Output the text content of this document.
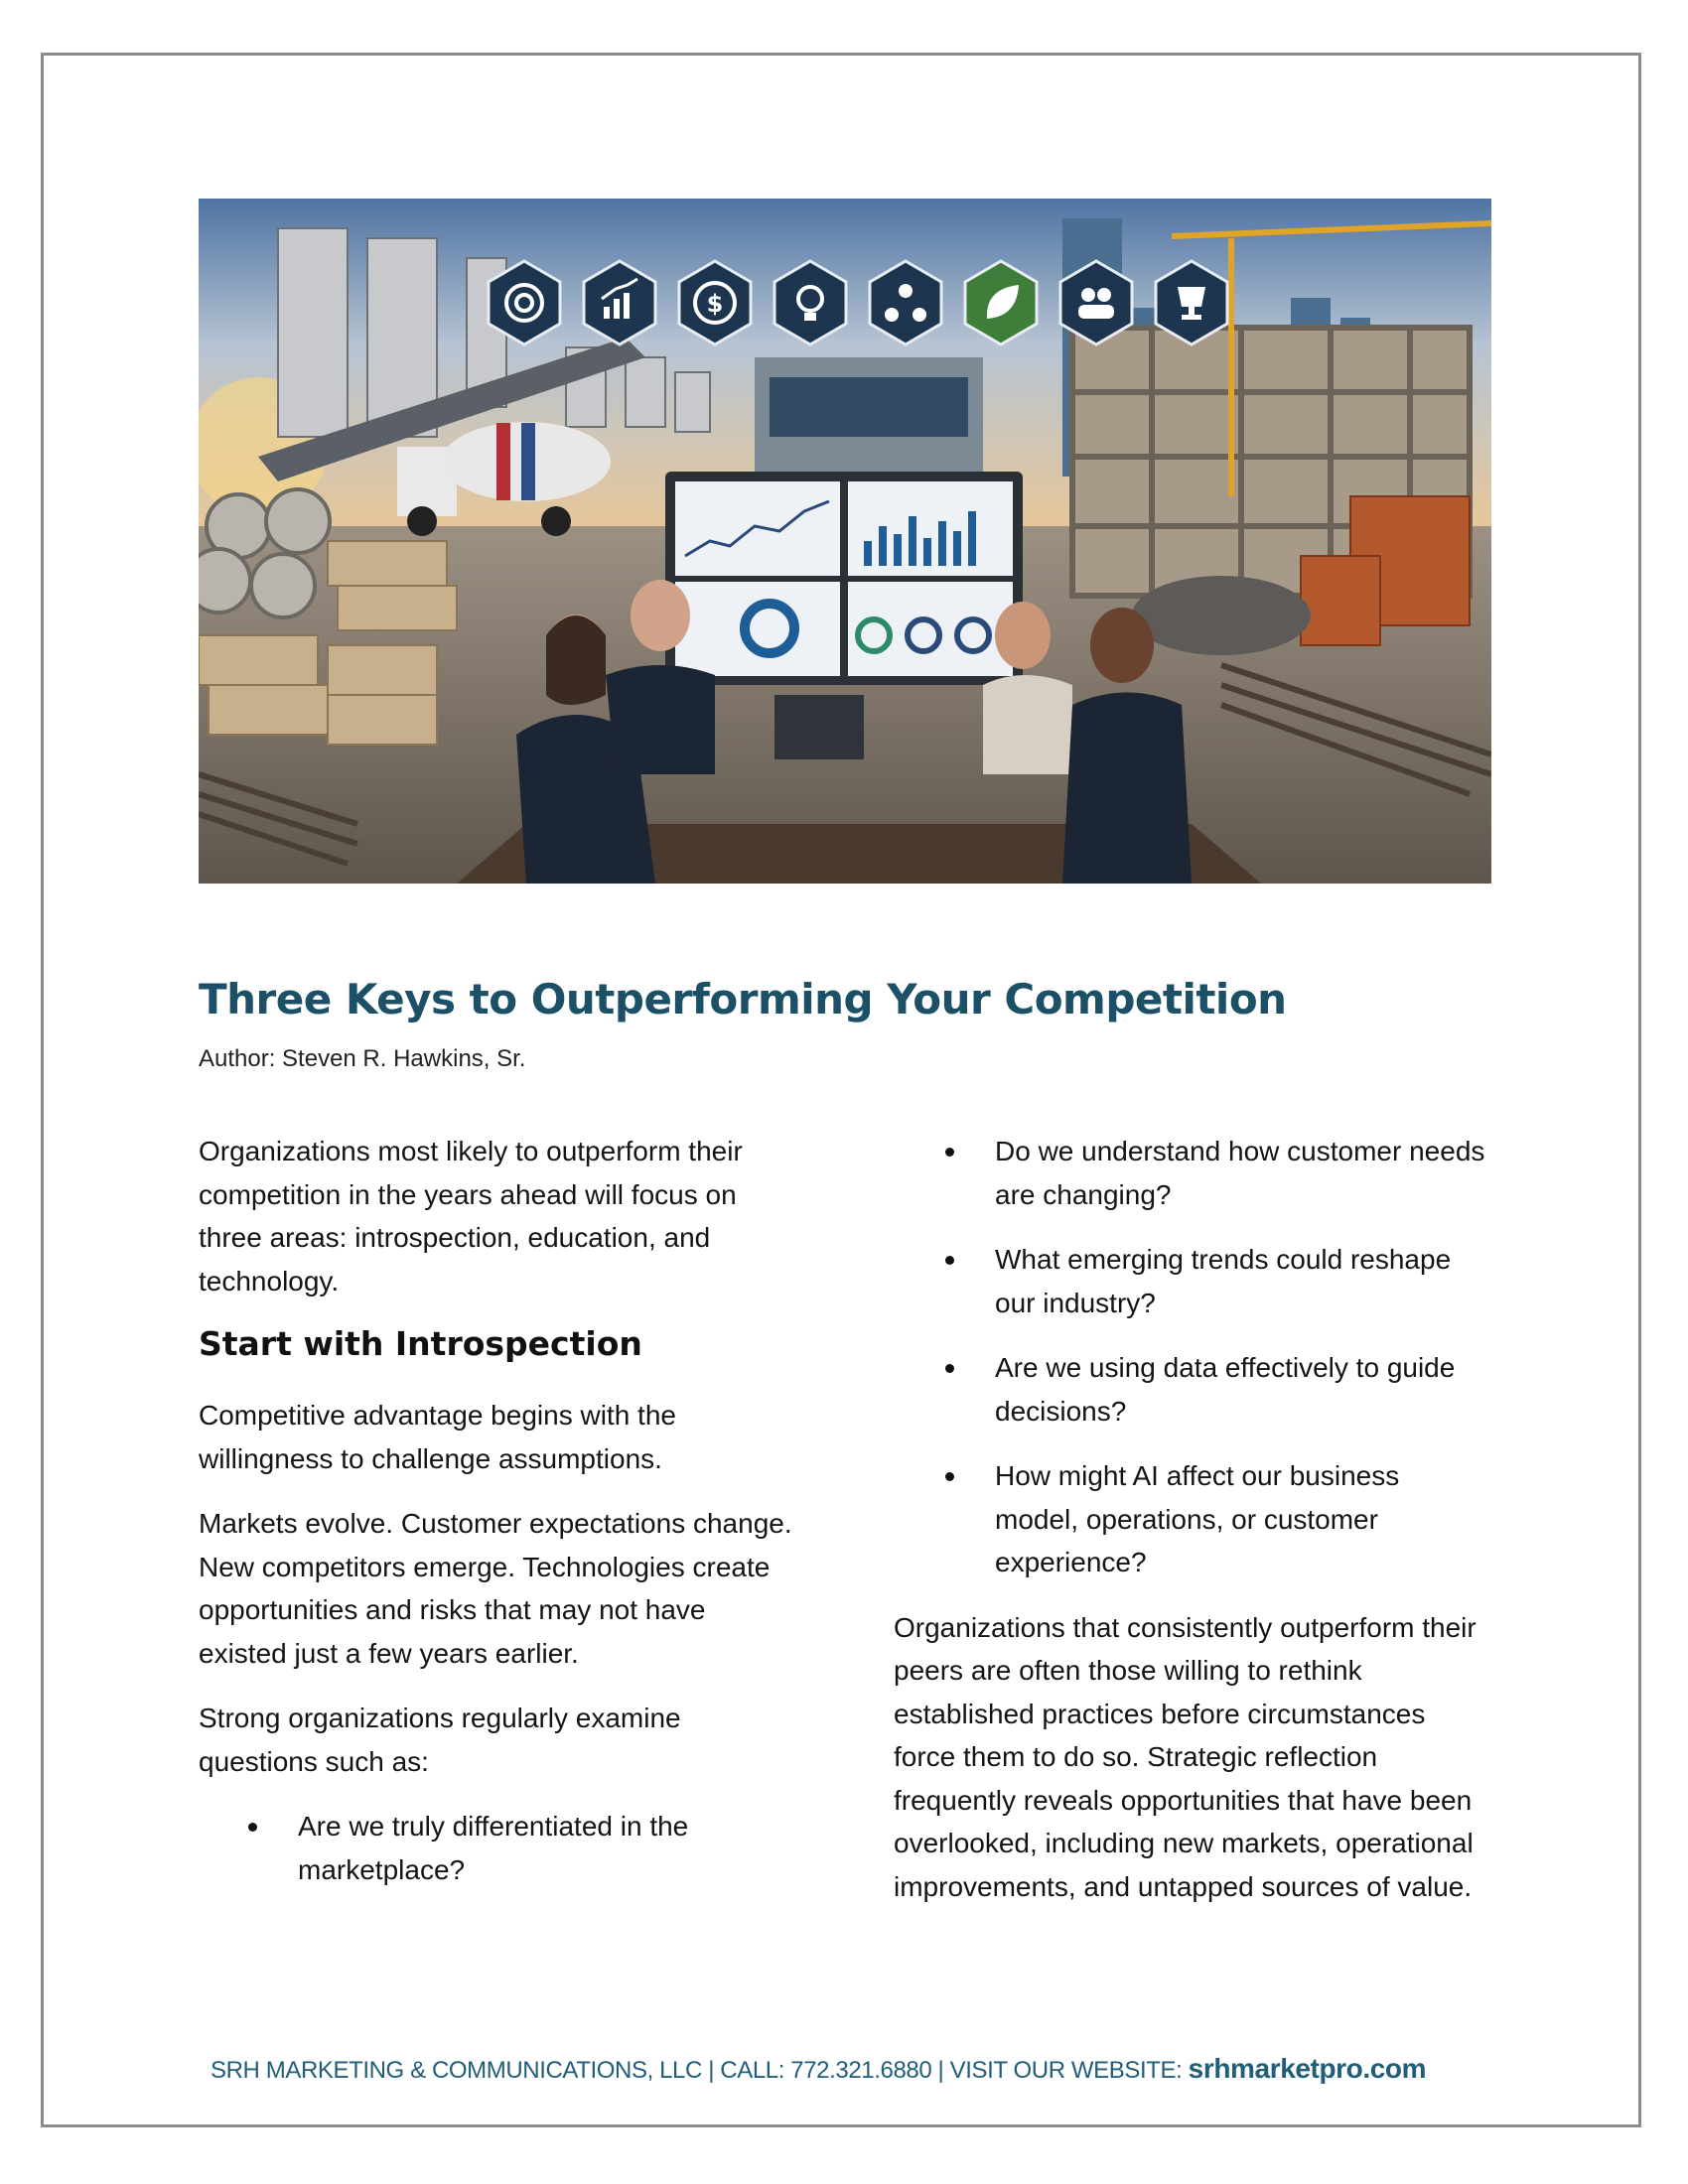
$
Three Keys to Outperforming Your Competition
Author: Steven R. Hawkins, Sr.

Organizations most likely to outperform their competition in the years ahead will focus on three areas: introspection, education, and technology.

Start with Introspection

Competitive advantage begins with the willingness to challenge assumptions.

Markets evolve. Customer expectations change. New competitors emerge. Technologies create opportunities and risks that may not have existed just a few years earlier.

Strong organizations regularly examine questions such as:

Are we truly differentiated in the marketplace?
Do we understand how customer needs are changing?
What emerging trends could reshape our industry?
Are we using data effectively to guide decisions?
How might AI affect our business model, operations, or customer experience?

Organizations that consistently outperform their peers are often those willing to rethink established practices before circumstances force them to do so. Strategic reflection frequently reveals opportunities that have been overlooked, including new markets, operational improvements, and untapped sources of value.

SRH MARKETING & COMMUNICATIONS, LLC | CALL: 772.321.6880 | VISIT OUR WEBSITE: srhmarketpro.com
